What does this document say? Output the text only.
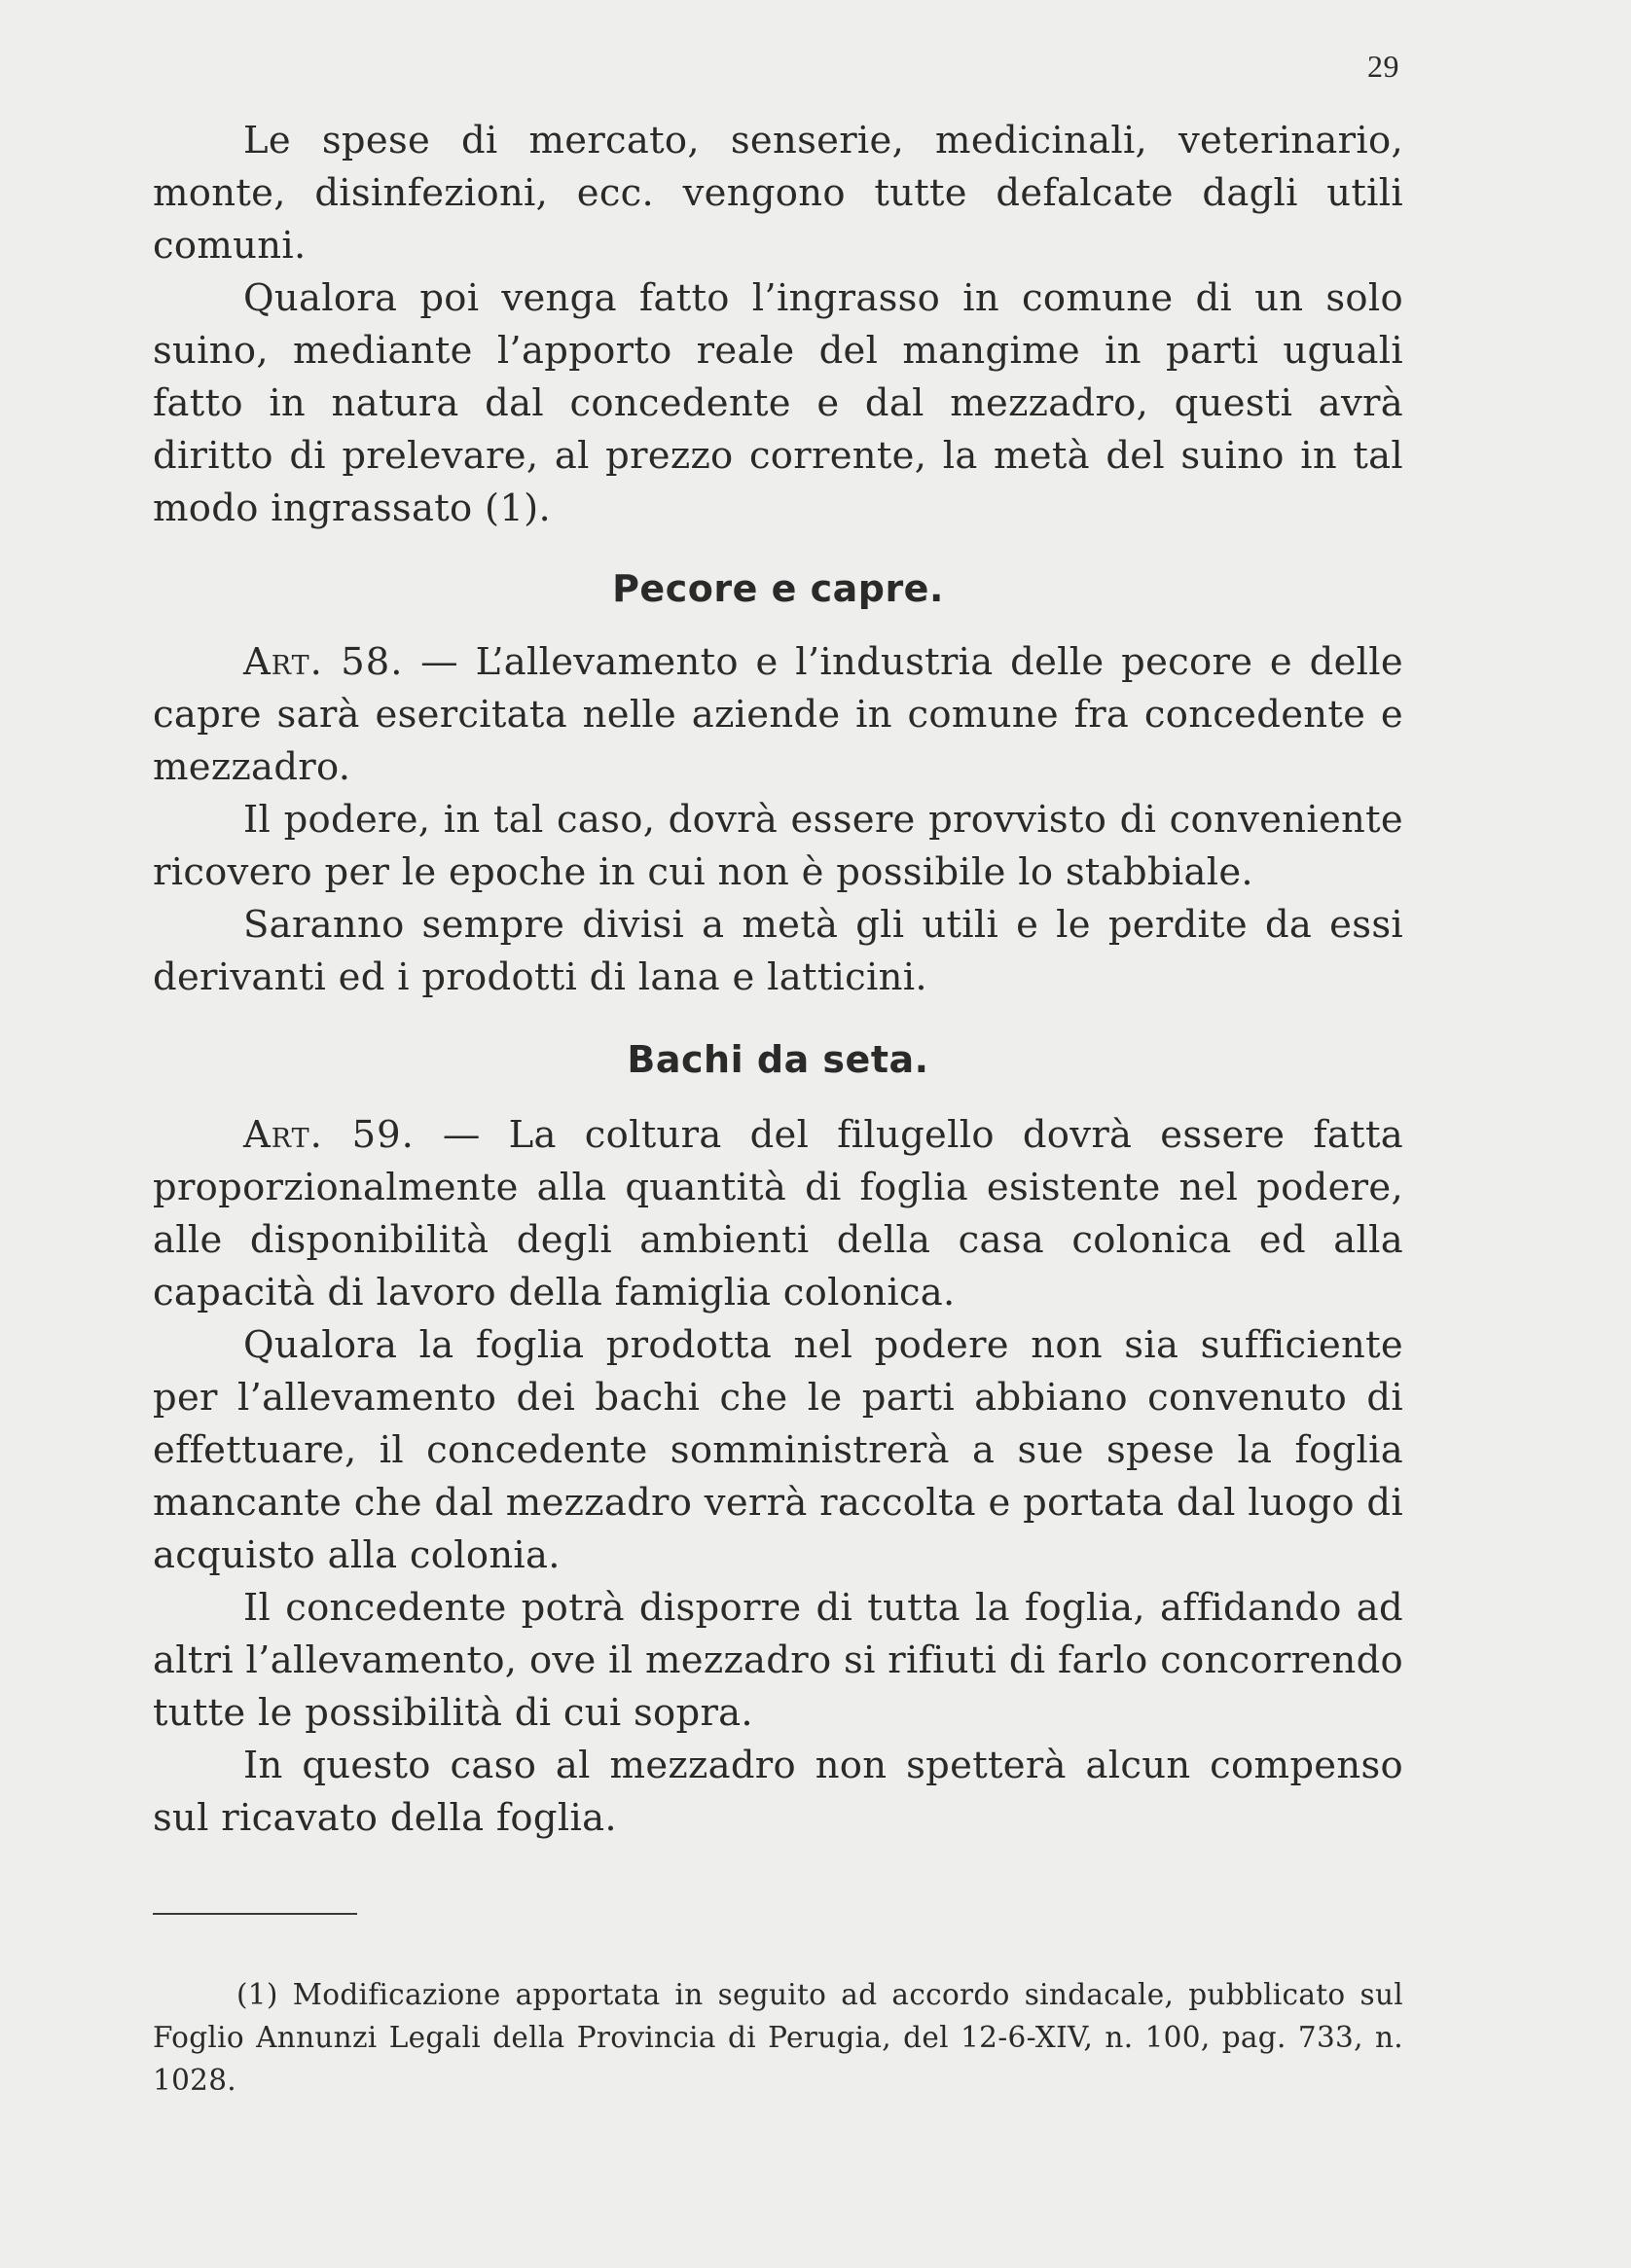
29

Le spese di mercato, senserie, medicinali, veterinario, monte, disinfezioni, ecc. vengono tutte defalcate dagli utili comuni.

Qualora poi venga fatto l’ingrasso in comune di un solo suino, mediante l’apporto reale del mangime in parti uguali fatto in natura dal concedente e dal mezzadro, questi avrà diritto di prelevare, al prezzo corrente, la metà del suino in tal modo ingrassato (1).

Pecore e capre.

Art. 58. — L’allevamento e l’industria delle pecore e delle capre sarà esercitata nelle aziende in comune fra concedente e mezzadro.

Il podere, in tal caso, dovrà essere provvisto di conveniente ricovero per le epoche in cui non è possibile lo stabbiale.

Saranno sempre divisi a metà gli utili e le perdite da essi derivanti ed i prodotti di lana e latticini.

Bachi da seta.

Art. 59. — La coltura del filugello dovrà essere fatta proporzionalmente alla quantità di foglia esistente nel podere, alle disponibilità degli ambienti della casa colonica ed alla capacità di lavoro della famiglia colonica.

Qualora la foglia prodotta nel podere non sia sufficiente per l’allevamento dei bachi che le parti abbiano convenuto di effettuare, il concedente somministrerà a sue spese la foglia mancante che dal mezzadro verrà raccolta e portata dal luogo di acquisto alla colonia.

Il concedente potrà disporre di tutta la foglia, affidando ad altri l’allevamento, ove il mezzadro si rifiuti di farlo concorrendo tutte le possibilità di cui sopra.

In questo caso al mezzadro non spetterà alcun compenso sul ricavato della foglia.

(1) Modificazione apportata in seguito ad accordo sindacale, pubblicato sul Foglio Annunzi Legali della Provincia di Perugia, del 12-6-XIV, n. 100, pag. 733, n. 1028.
